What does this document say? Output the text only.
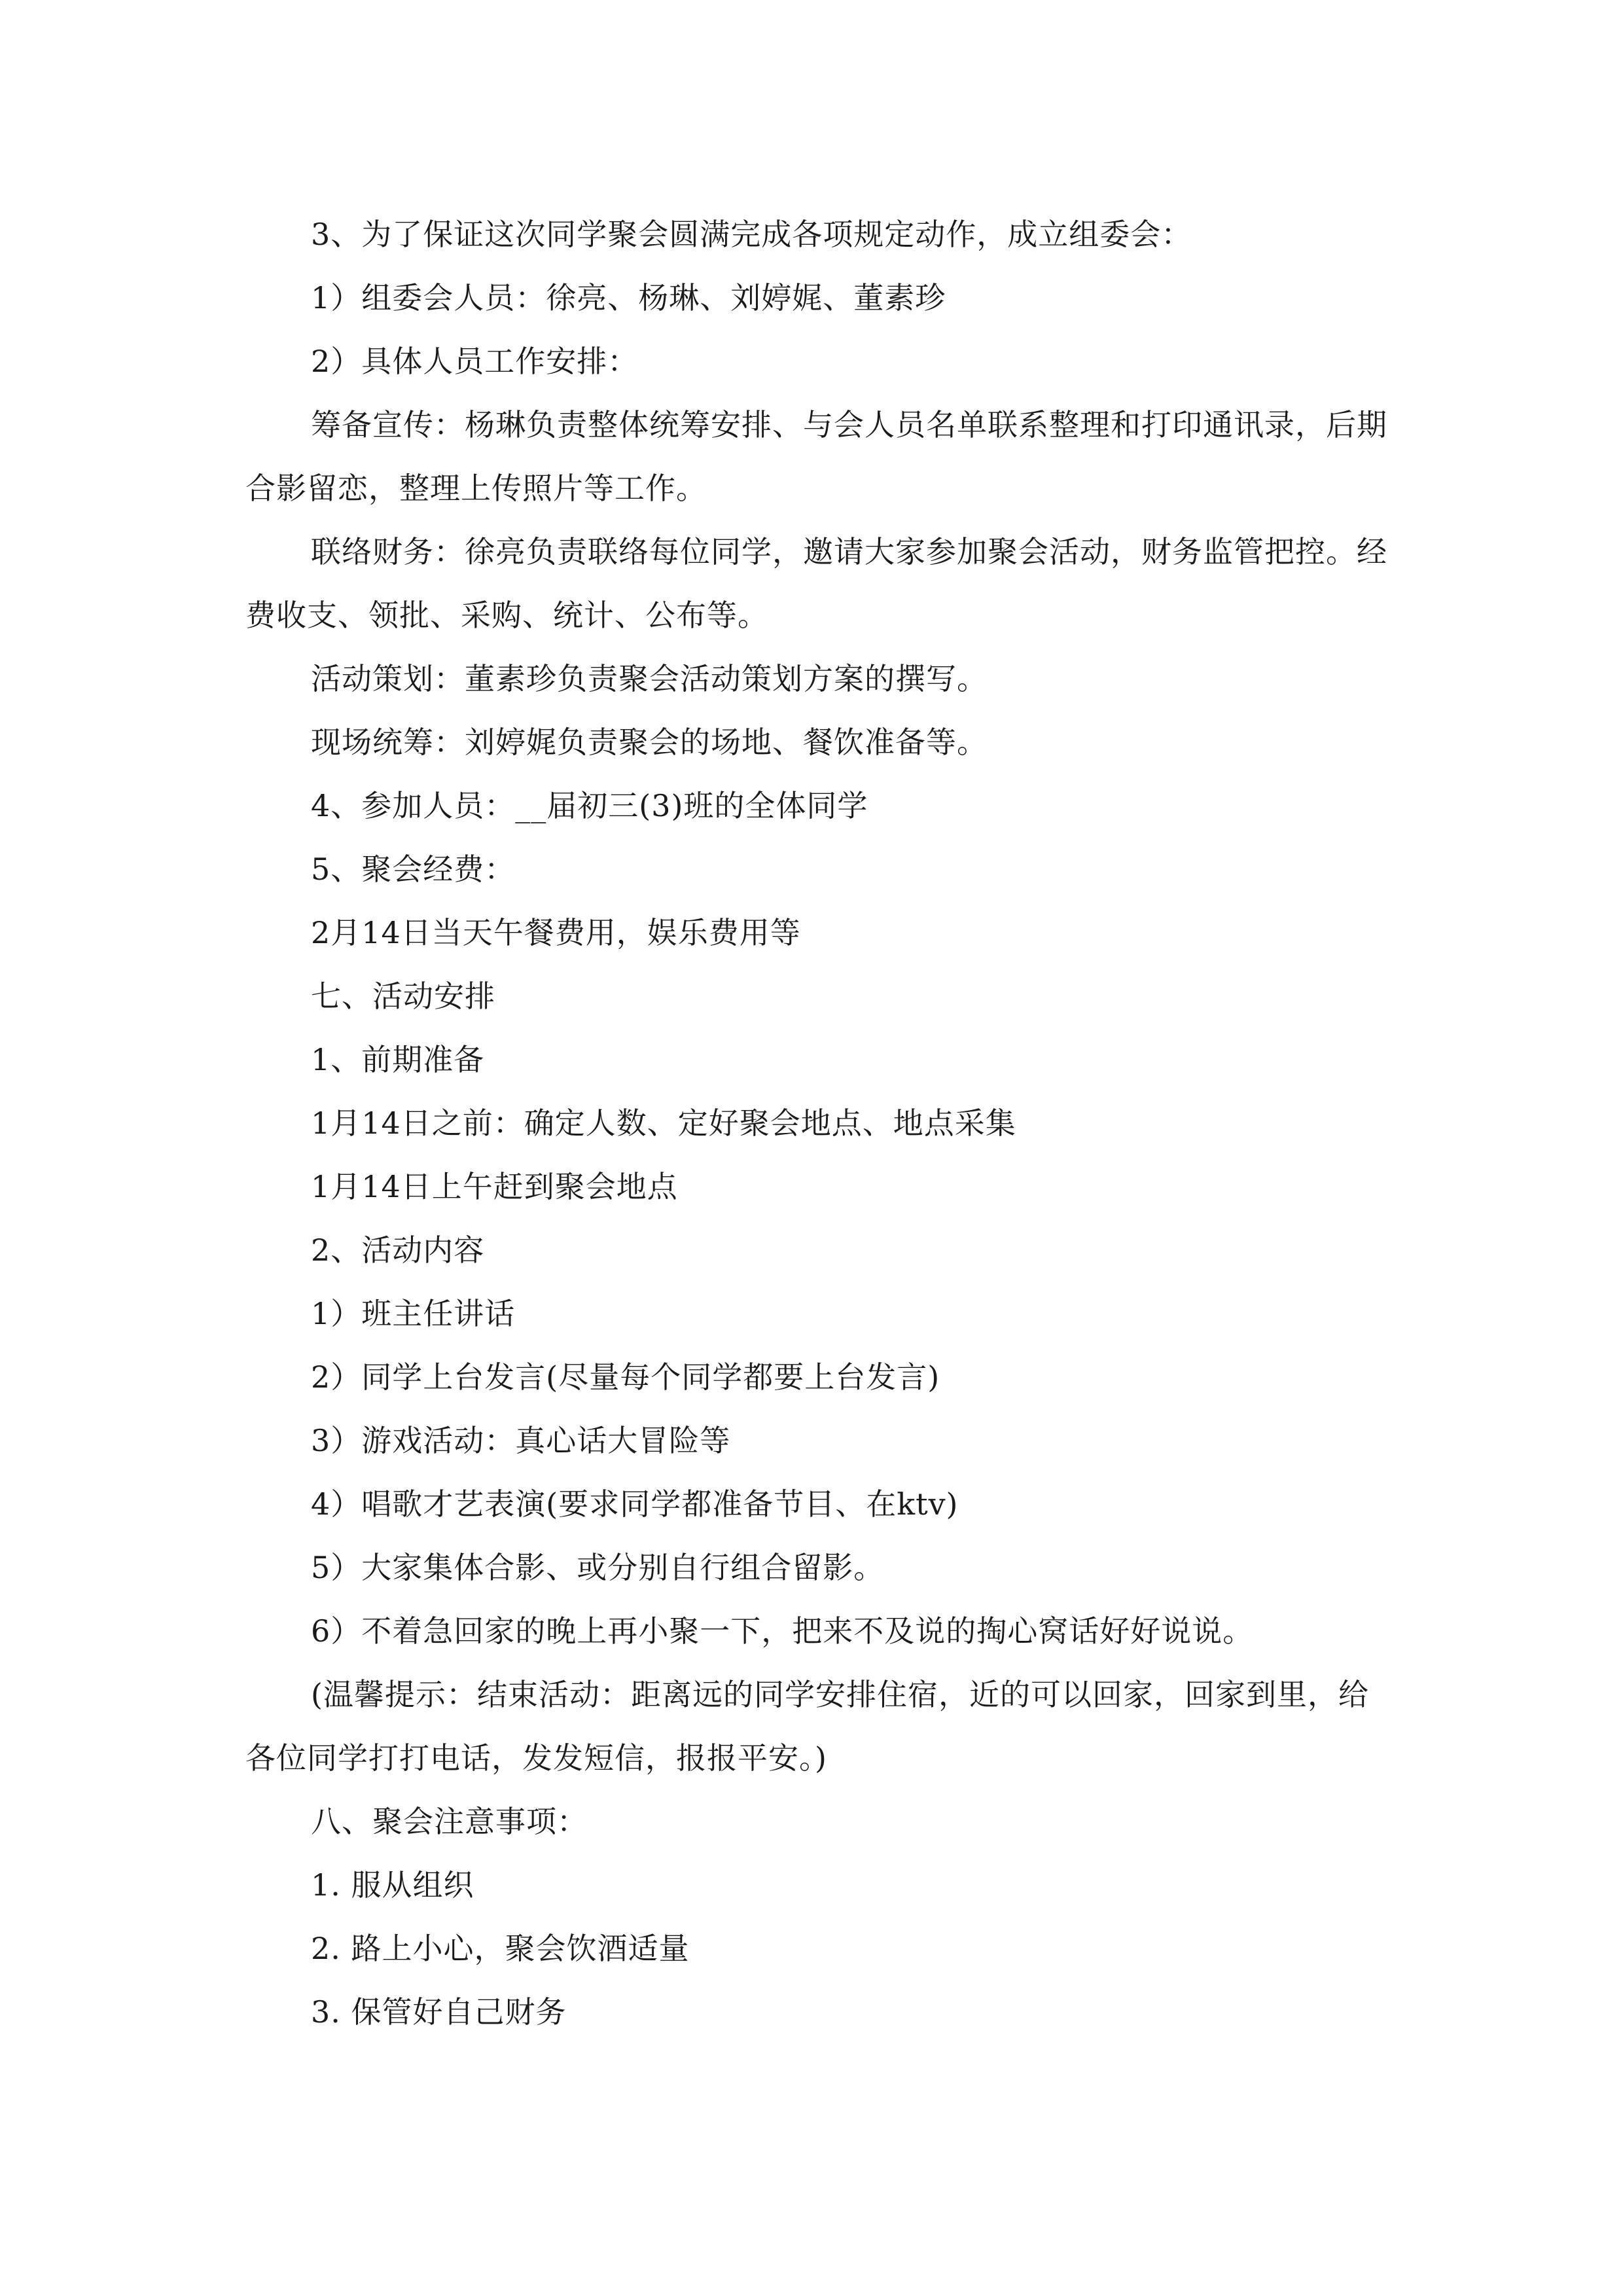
3、为了保证这次同学聚会圆满完成各项规定动作，成立组委会：

1）组委会人员：徐亮、杨琳、刘婷娓、董素珍

2）具体人员工作安排：

筹备宣传：杨琳负责整体统筹安排、与会人员名单联系整理和打印通讯录，后期合影留恋，整理上传照片等工作。

联络财务：徐亮负责联络每位同学，邀请大家参加聚会活动，财务监管把控。经费收支、领批、采购、统计、公布等。

活动策划：董素珍负责聚会活动策划方案的撰写。

现场统筹：刘婷娓负责聚会的场地、餐饮准备等。

4、参加人员：__届初三(3)班的全体同学

5、聚会经费：

2月14日当天午餐费用，娱乐费用等

七、活动安排

1、前期准备

1月14日之前：确定人数、定好聚会地点、地点采集

1月14日上午赶到聚会地点

2、活动内容

1）班主任讲话

2）同学上台发言(尽量每个同学都要上台发言)

3）游戏活动：真心话大冒险等

4）唱歌才艺表演(要求同学都准备节目、在ktv)

5）大家集体合影、或分别自行组合留影。

6）不着急回家的晚上再小聚一下，把来不及说的掏心窝话好好说说。

(温馨提示：结束活动：距离远的同学安排住宿，近的可以回家，回家到里，给各位同学打打电话，发发短信，报报平安。)

八、聚会注意事项：

1. 服从组织

2. 路上小心，聚会饮酒适量

3. 保管好自己财务
